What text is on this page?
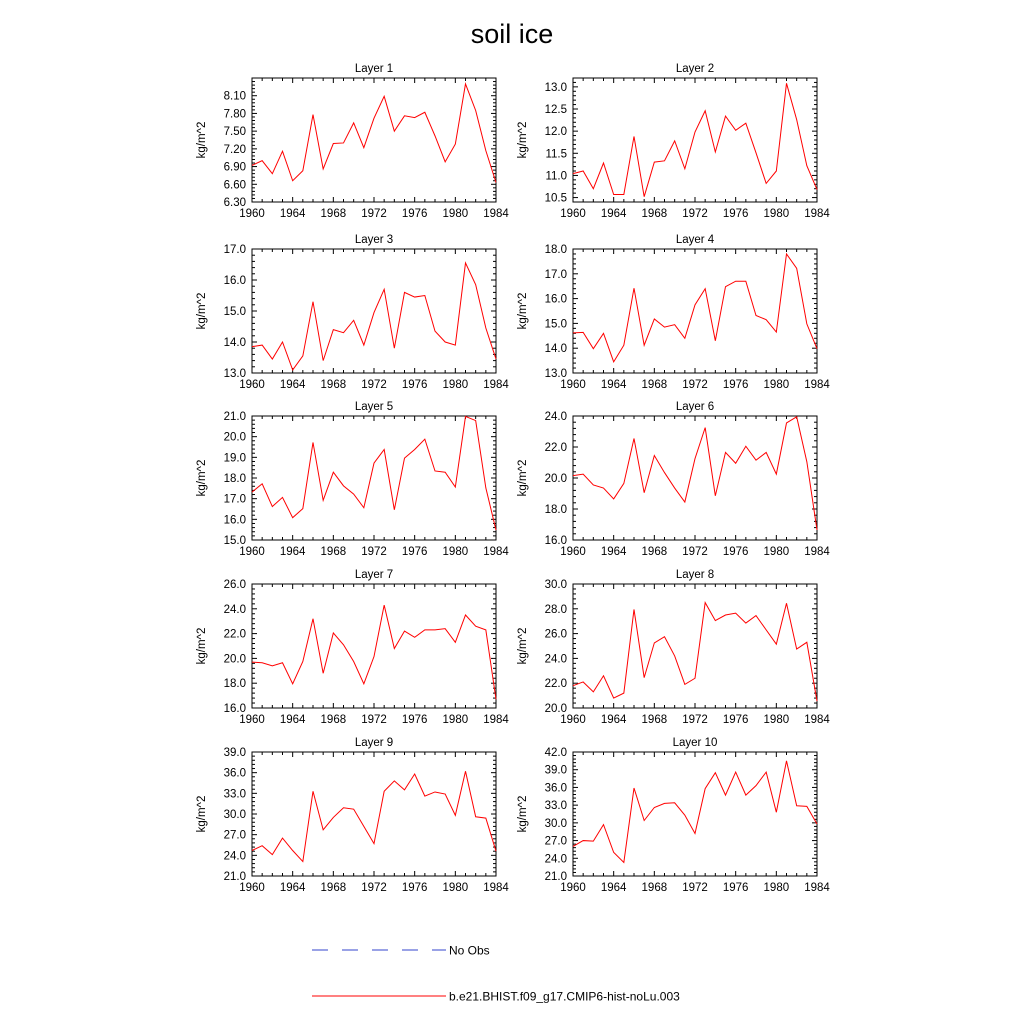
soil ice
Layer 1
kg/m^2
1960 1964 1968 1972 1976 1980 1984
6.30
6.60
6.90
7.20
7.50
7.80
8.10
Layer 2
kg/m^2
1960 1964 1968 1972 1976 1980 1984
10.5
11.0
11.5
12.0
12.5
13.0
Layer 3
kg/m^2
1960 1964 1968 1972 1976 1980 1984
13.0
14.0
15.0
16.0
17.0
Layer 4
kg/m^2
1960 1964 1968 1972 1976 1980 1984
13.0
14.0
15.0
16.0
17.0
18.0
Layer 5
kg/m^2
1960 1964 1968 1972 1976 1980 1984
15.0
16.0
17.0
18.0
19.0
20.0
21.0
Layer 6
kg/m^2
1960 1964 1968 1972 1976 1980 1984
16.0
18.0
20.0
22.0
24.0
Layer 7
kg/m^2
1960 1964 1968 1972 1976 1980 1984
16.0
18.0
20.0
22.0
24.0
26.0
Layer 8
kg/m^2
1960 1964 1968 1972 1976 1980 1984
20.0
22.0
24.0
26.0
28.0
30.0
Layer 9
kg/m^2
1960 1964 1968 1972 1976 1980 1984
21.0
24.0
27.0
30.0
33.0
36.0
39.0
Layer 10
kg/m^2
1960 1964 1968 1972 1976 1980 1984
21.0
24.0
27.0
30.0
33.0
36.0
39.0
42.0
No Obs
b.e21.BHIST.f09_g17.CMIP6-hist-noLu.003
